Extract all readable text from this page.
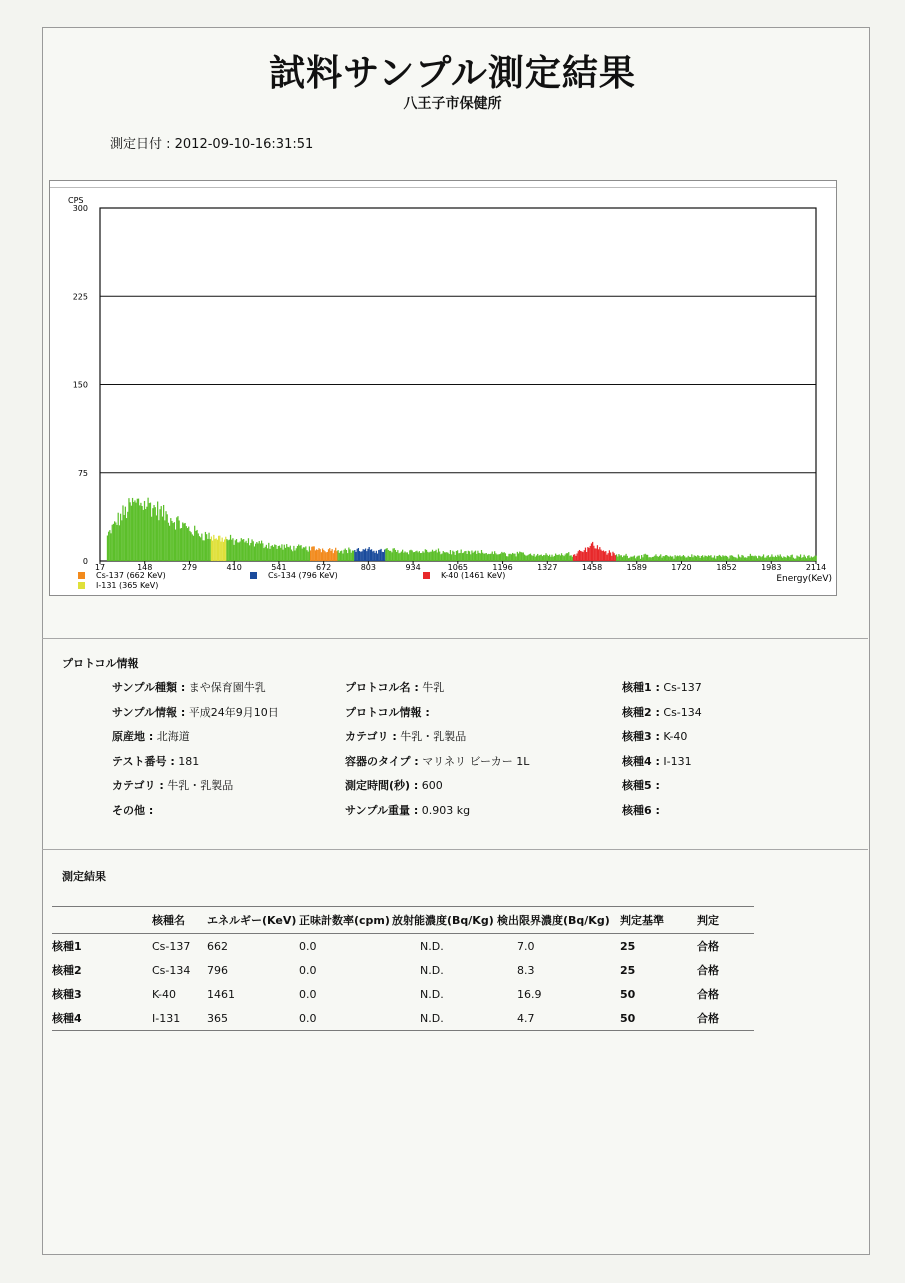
試料サンプル測定結果
八王子市保健所
測定日付 : 2012-09-10-16:31:51
CPS
0
75
150
225
300
17	148	279	410	541	672	803	934	1065	1196	1327	1458	1589	1720	1852	1983	2114
Energy(KeV)
Cs-137 (662 KeV)	Cs-134 (796 KeV)	K-40 (1461 KeV)
I-131 (365 KeV)
プロトコル情報
サンプル種類 : まや保育園牛乳
サンプル情報 : 平成24年9月10日
原産地 : 北海道
テスト番号 : 181
カテゴリ : 牛乳・乳製品
その他 :
プロトコル名 : 牛乳
プロトコル情報 :
カテゴリ : 牛乳・乳製品
容器のタイプ : マリネリ ビーカー 1L
測定時間(秒) : 600
サンプル重量 : 0.903 kg
核種1 : Cs-137
核種2 : Cs-134
核種3 : K-40
核種4 : I-131
核種5 :
核種6 :
測定結果
	核種名	エネルギー(KeV)	正味計数率(cpm)	放射能濃度(Bq/Kg)	検出限界濃度(Bq/Kg)	判定基準	判定
核種1	Cs-137	662	0.0	N.D.	7.0	25	合格
核種2	Cs-134	796	0.0	N.D.	8.3	25	合格
核種3	K-40	1461	0.0	N.D.	16.9	50	合格
核種4	I-131	365	0.0	N.D.	4.7	50	合格
